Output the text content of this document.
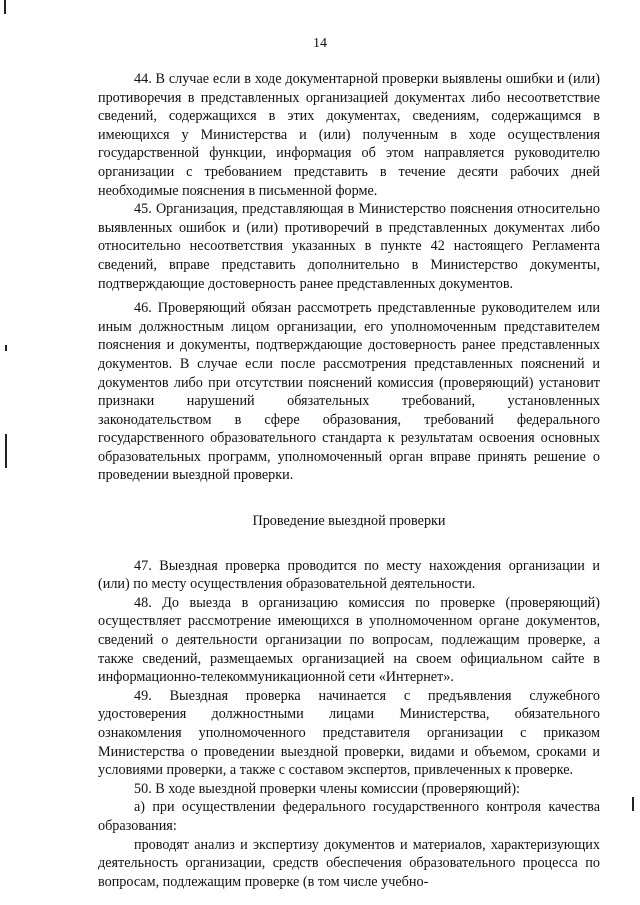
14

44. В случае если в ходе документарной проверки выявлены ошибки и (или) противоречия в представленных организацией документах либо несоответствие сведений, содержащихся в этих документах, сведениям, содержащимся в имеющихся у Министерства и (или) полученным в ходе осуществления государственной функции, информация об этом направляется руководителю организации с требованием представить в течение десяти рабочих дней необходимые пояснения в письменной форме.

45. Организация, представляющая в Министерство пояснения относительно выявленных ошибок и (или) противоречий в представленных документах либо относительно несоответствия указанных в пункте 42 настоящего Регламента сведений, вправе представить дополнительно в Министерство документы, подтверждающие достоверность ранее представленных документов.

46. Проверяющий обязан рассмотреть представленные руководителем или иным должностным лицом организации, его уполномоченным представителем пояснения и документы, подтверждающие достоверность ранее представленных документов. В случае если после рассмотрения представленных пояснений и документов либо при отсутствии пояснений комиссия (проверяющий) установит признаки нарушений обязательных требований, установленных законодательством в сфере образования, требований федерального государственного образовательного стандарта к результатам освоения основных образовательных программ, уполномоченный орган вправе принять решение о проведении выездной проверки.

Проведение выездной проверки

47. Выездная проверка проводится по месту нахождения организации и (или) по месту осуществления образовательной деятельности.

48. До выезда в организацию комиссия по проверке (проверяющий) осуществляет рассмотрение имеющихся в уполномоченном органе документов, сведений о деятельности организации по вопросам, подлежащим проверке, а также сведений, размещаемых организацией на своем официальном сайте в информационно-телекоммуникационной сети «Интернет».

49. Выездная проверка начинается с предъявления служебного удостоверения должностными лицами Министерства, обязательного ознакомления уполномоченного представителя организации с приказом Министерства о проведении выездной проверки, видами и объемом, сроками и условиями проверки, а также с составом экспертов, привлеченных к проверке.

50. В ходе выездной проверки члены комиссии (проверяющий):

а) при осуществлении федерального государственного контроля качества образования:

проводят анализ и экспертизу документов и материалов, характеризующих деятельность организации, средств обеспечения образовательного процесса по вопросам, подлежащим проверке (в том числе учебно-
